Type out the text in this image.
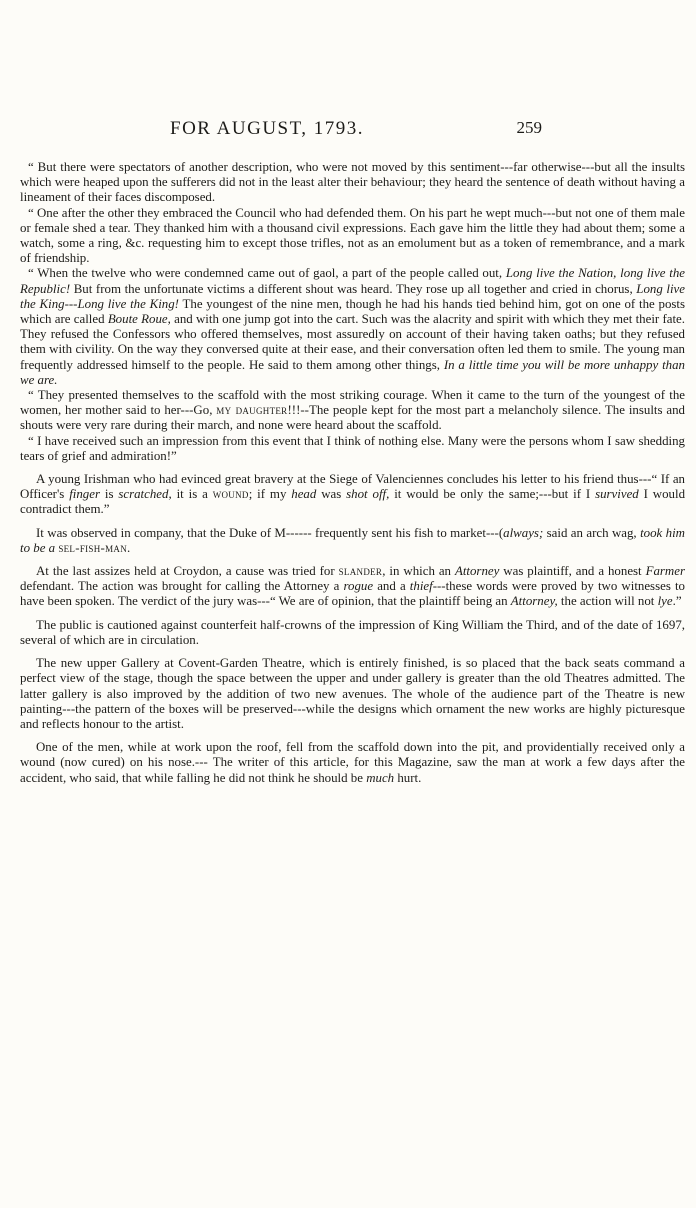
FOR AUGUST, 1793.	259

“ But there were spectators of another description, who were not moved by this sentiment---far otherwise---but all the insults which were heaped upon the sufferers did not in the least alter their behaviour; they heard the sentence of death without having a lineament of their faces discomposed.

“ One after the other they embraced the Council who had defended them. On his part he wept much---but not one of them male or female shed a tear. They thanked him with a thousand civil expressions. Each gave him the little they had about them; some a watch, some a ring, &c. requesting him to except those trifles, not as an emolument but as a token of remembrance, and a mark of friendship.

“ When the twelve who were condemned came out of gaol, a part of the people called out, Long live the Nation, long live the Republic! But from the unfortunate victims a different shout was heard. They rose up all together and cried in chorus, Long live the King---Long live the King! The youngest of the nine men, though he had his hands tied behind him, got on one of the posts which are called Boute Roue, and with one jump got into the cart. Such was the alacrity and spirit with which they met their fate. They refused the Confessors who offered themselves, most assuredly on account of their having taken oaths; but they refused them with civility. On the way they conversed quite at their ease, and their conversation often led them to smile. The young man frequently addressed himself to the people. He said to them among other things, In a little time you will be more unhappy than we are.

“ They presented themselves to the scaffold with the most striking courage. When it came to the turn of the youngest of the women, her mother said to her---Go, my daughter!!!--The people kept for the most part a melancholy silence. The insults and shouts were very rare during their march, and none were heard about the scaffold.

“ I have received such an impression from this event that I think of nothing else. Many were the persons whom I saw shedding tears of grief and admiration!”

A young Irishman who had evinced great bravery at the Siege of Valenciennes concludes his letter to his friend thus---“ If an Officer's finger is scratched, it is a wound; if my head was shot off, it would be only the same;---but if I survived I would contradict them.”

It was observed in company, that the Duke of M------ frequently sent his fish to market---(always; said an arch wag, took him to be a sel-fish-man.

At the last assizes held at Croydon, a cause was tried for slander, in which an Attorney was plaintiff, and a honest Farmer defendant. The action was brought for calling the Attorney a rogue and a thief---these words were proved by two witnesses to have been spoken. The verdict of the jury was---“ We are of opinion, that the plaintiff being an Attorney, the action will not lye.”

The public is cautioned against counterfeit half-crowns of the impression of King William the Third, and of the date of 1697, several of which are in circulation.

The new upper Gallery at Covent-Garden Theatre, which is entirely finished, is so placed that the back seats command a perfect view of the stage, though the space between the upper and under gallery is greater than the old Theatres admitted. The latter gallery is also improved by the addition of two new avenues. The whole of the audience part of the Theatre is new painting---the pattern of the boxes will be preserved---while the designs which ornament the new works are highly picturesque and reflects honour to the artist.

One of the men, while at work upon the roof, fell from the scaffold down into the pit, and providentially received only a wound (now cured) on his nose.--- The writer of this article, for this Magazine, saw the man at work a few days after the accident, who said, that while falling he did not think he should be much hurt.
